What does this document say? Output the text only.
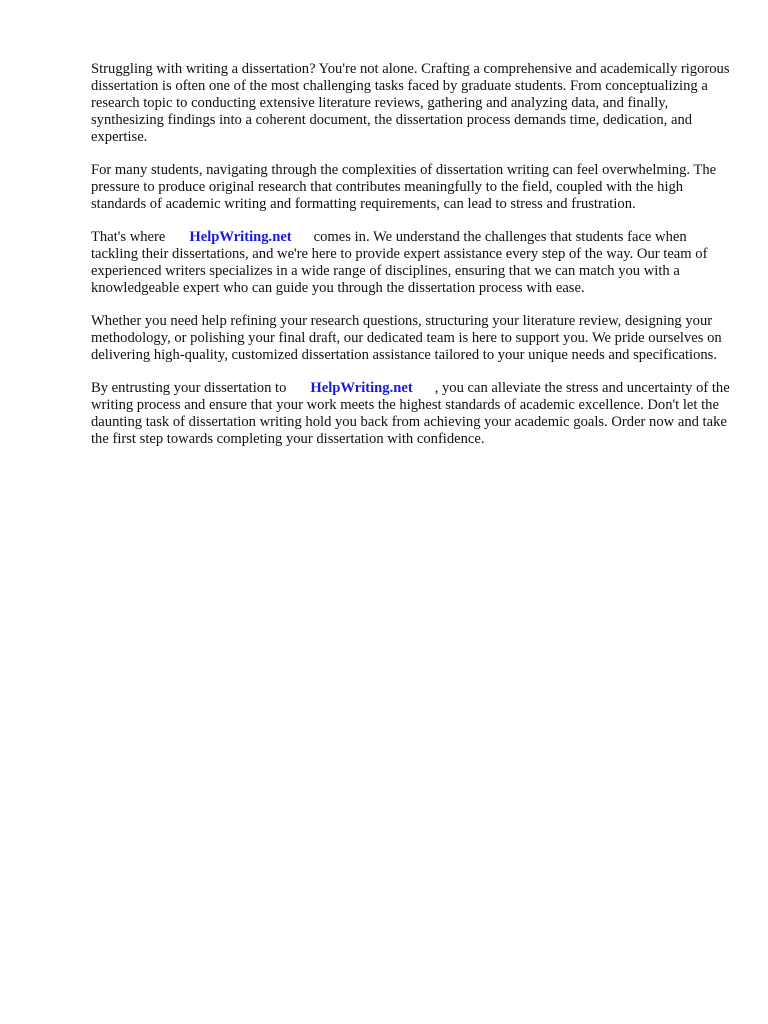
Struggling with writing a dissertation? You're not alone. Crafting a comprehensive and academically rigorous dissertation is often one of the most challenging tasks faced by graduate students. From conceptualizing a research topic to conducting extensive literature reviews, gathering and analyzing data, and finally, synthesizing findings into a coherent document, the dissertation process demands time, dedication, and expertise.

For many students, navigating through the complexities of dissertation writing can feel overwhelming. The pressure to produce original research that contributes meaningfully to the field, coupled with the high standards of academic writing and formatting requirements, can lead to stress and frustration.

That's where HelpWriting.net comes in. We understand the challenges that students face when tackling their dissertations, and we're here to provide expert assistance every step of the way. Our team of experienced writers specializes in a wide range of disciplines, ensuring that we can match you with a knowledgeable expert who can guide you through the dissertation process with ease.

Whether you need help refining your research questions, structuring your literature review, designing your methodology, or polishing your final draft, our dedicated team is here to support you. We pride ourselves on delivering high-quality, customized dissertation assistance tailored to your unique needs and specifications.

By entrusting your dissertation to HelpWriting.net , you can alleviate the stress and uncertainty of the writing process and ensure that your work meets the highest standards of academic excellence. Don't let the daunting task of dissertation writing hold you back from achieving your academic goals. Order now and take the first step towards completing your dissertation with confidence.
